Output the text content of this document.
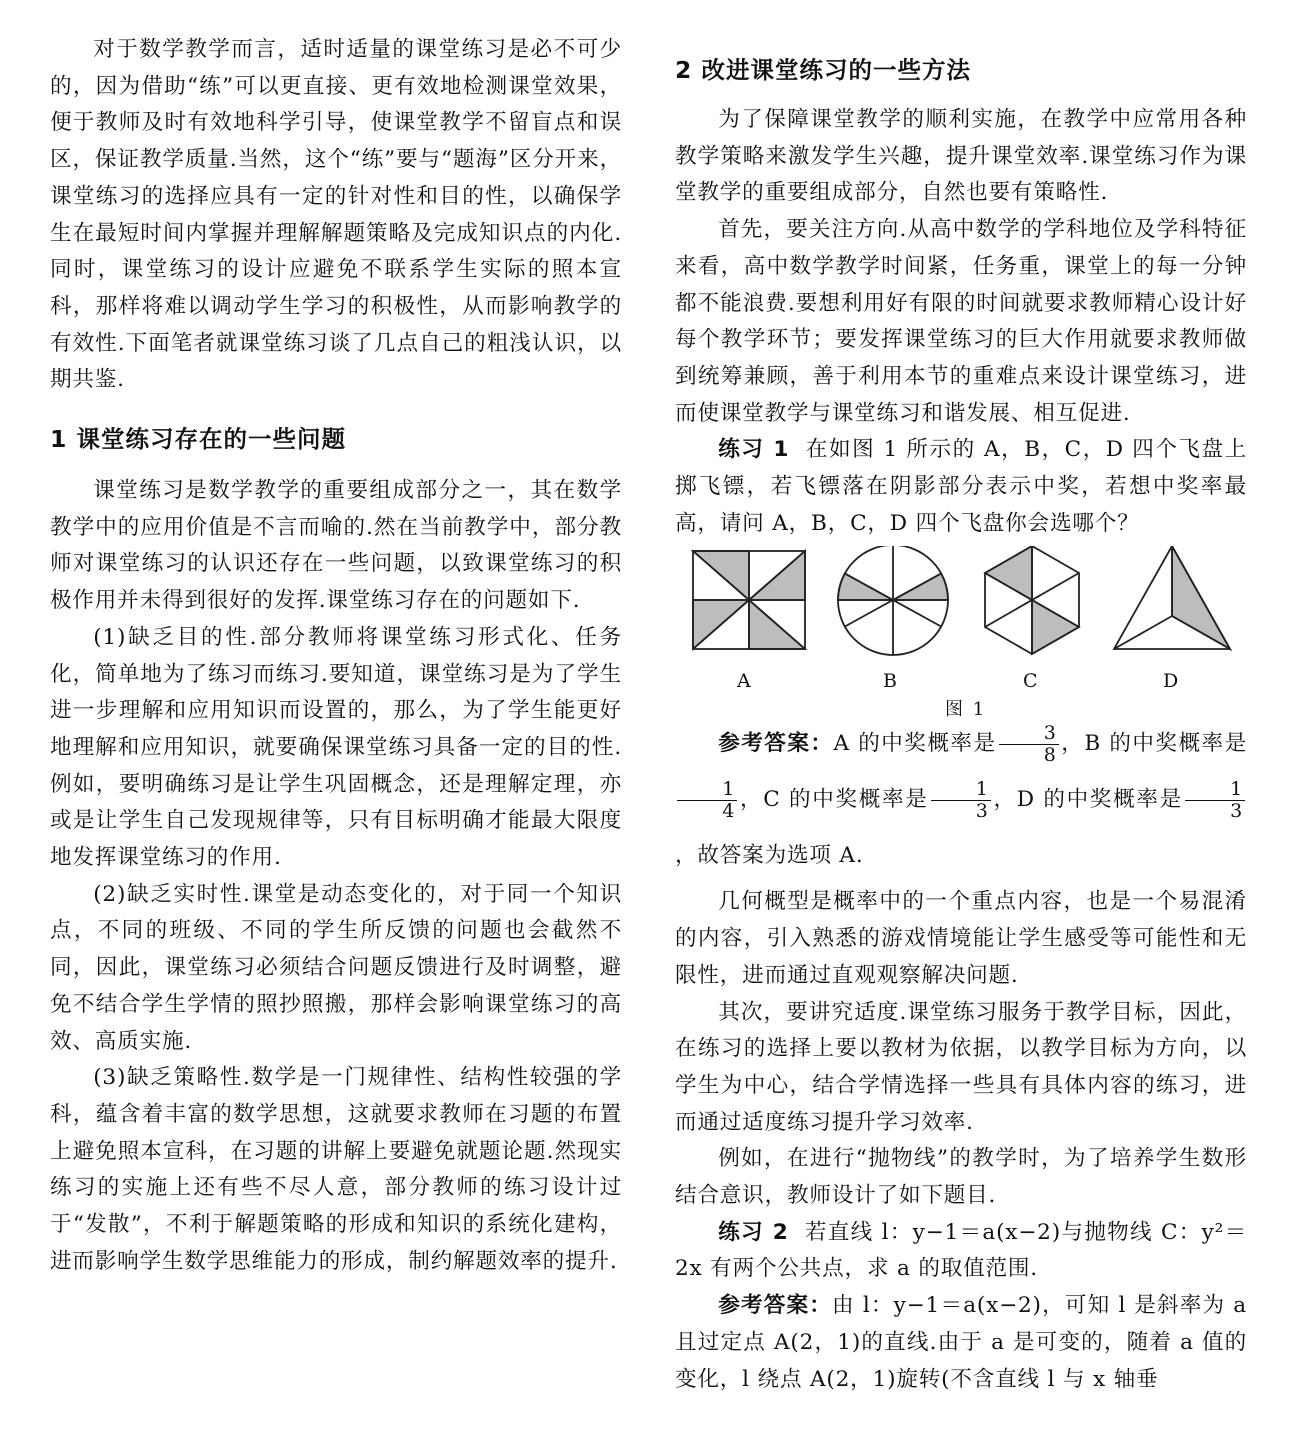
对于数学教学而言，适时适量的课堂练习是必不可少的，因为借助“练”可以更直接、更有效地检测课堂效果，便于教师及时有效地科学引导，使课堂教学不留盲点和误区，保证教学质量.当然，这个“练”要与“题海”区分开来，课堂练习的选择应具有一定的针对性和目的性，以确保学生在最短时间内掌握并理解解题策略及完成知识点的内化.同时，课堂练习的设计应避免不联系学生实际的照本宣科，那样将难以调动学生学习的积极性，从而影响教学的有效性.下面笔者就课堂练习谈了几点自己的粗浅认识，以期共鉴.

1 课堂练习存在的一些问题

课堂练习是数学教学的重要组成部分之一，其在数学教学中的应用价值是不言而喻的.然在当前教学中，部分教师对课堂练习的认识还存在一些问题，以致课堂练习的积极作用并未得到很好的发挥.课堂练习存在的问题如下.

(1)缺乏目的性.部分教师将课堂练习形式化、任务化，简单地为了练习而练习.要知道，课堂练习是为了学生进一步理解和应用知识而设置的，那么，为了学生能更好地理解和应用知识，就要确保课堂练习具备一定的目的性.例如，要明确练习是让学生巩固概念，还是理解定理，亦或是让学生自己发现规律等，只有目标明确才能最大限度地发挥课堂练习的作用.

(2)缺乏实时性.课堂是动态变化的，对于同一个知识点，不同的班级、不同的学生所反馈的问题也会截然不同，因此，课堂练习必须结合问题反馈进行及时调整，避免不结合学生学情的照抄照搬，那样会影响课堂练习的高效、高质实施.

(3)缺乏策略性.数学是一门规律性、结构性较强的学科，蕴含着丰富的数学思想，这就要求教师在习题的布置上避免照本宣科，在习题的讲解上要避免就题论题.然现实练习的实施上还有些不尽人意，部分教师的练习设计过于“发散”，不利于解题策略的形成和知识的系统化建构，进而影响学生数学思维能力的形成，制约解题效率的提升.

2 改进课堂练习的一些方法

为了保障课堂教学的顺利实施，在教学中应常用各种教学策略来激发学生兴趣，提升课堂效率.课堂练习作为课堂教学的重要组成部分，自然也要有策略性.

首先，要关注方向.从高中数学的学科地位及学科特征来看，高中数学教学时间紧，任务重，课堂上的每一分钟都不能浪费.要想利用好有限的时间就要求教师精心设计好每个教学环节；要发挥课堂练习的巨大作用就要求教师做到统筹兼顾，善于利用本节的重难点来设计课堂练习，进而使课堂教学与课堂练习和谐发展、相互促进.

练习 1 在如图 1 所示的 A，B，C，D 四个飞盘上掷飞镖，若飞镖落在阴影部分表示中奖，若想中奖率最高，请问 A，B，C，D 四个飞盘你会选哪个？

A	B	C	D
图 1

参考答案：A 的中奖概率是 $\frac{3}{8}$ ，B 的中奖概率是
$\frac{1}{4}$ ，C 的中奖概率是 $\frac{1}{3}$ ，D 的中奖概率是 $\frac{1}{3}$
，故答案为选项 A.

几何概型是概率中的一个重点内容，也是一个易混淆的内容，引入熟悉的游戏情境能让学生感受等可能性和无限性，进而通过直观观察解决问题.

其次，要讲究适度.课堂练习服务于教学目标，因此，在练习的选择上要以教材为依据，以教学目标为方向，以学生为中心，结合学情选择一些具有具体内容的练习，进而通过适度练习提升学习效率.

例如，在进行“抛物线”的教学时，为了培养学生数形结合意识，教师设计了如下题目.

练习 2 若直线 l：y−1＝a(x−2)与抛物线 C：y²＝2x 有两个公共点，求 a 的取值范围.

参考答案：由 l：y−1＝a(x−2)，可知 l 是斜率为 a 且过定点 A(2，1)的直线.由于 a 是可变的，随着 a 值的变化，l 绕点 A(2，1)旋转(不含直线 l 与 x 轴垂
